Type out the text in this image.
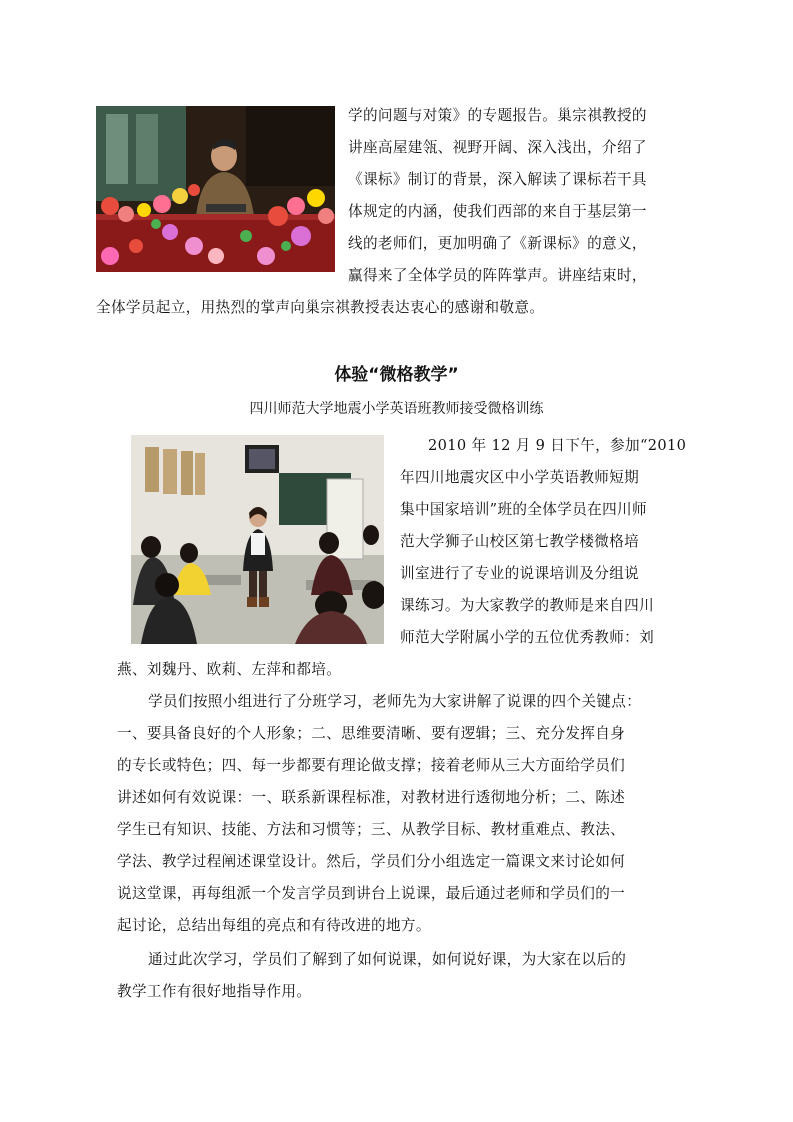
学的问题与对策》的专题报告。巢宗祺教授的
讲座高屋建瓴、视野开阔、深入浅出，介绍了
《课标》制订的背景，深入解读了课标若干具
体规定的内涵，使我们西部的来自于基层第一
线的老师们，更加明确了《新课标》的意义，
赢得来了全体学员的阵阵掌声。讲座结束时，
全体学员起立，用热烈的掌声向巢宗祺教授表达衷心的感谢和敬意。
体验“微格教学”
四川师范大学地震小学英语班教师接受微格训练
2010 年 12 月 9 日下午，参加“2010
年四川地震灾区中小学英语教师短期
集中国家培训”班的全体学员在四川师
范大学狮子山校区第七教学楼微格培
训室进行了专业的说课培训及分组说
课练习。为大家教学的教师是来自四川
师范大学附属小学的五位优秀教师：刘
燕、刘魏丹、欧莉、左萍和都培。
学员们按照小组进行了分班学习，老师先为大家讲解了说课的四个关键点：
一、要具备良好的个人形象；二、思维要清晰、要有逻辑；三、充分发挥自身
的专长或特色；四、每一步都要有理论做支撑；接着老师从三大方面给学员们
讲述如何有效说课：一、联系新课程标准，对教材进行透彻地分析；二、陈述
学生已有知识、技能、方法和习惯等；三、从教学目标、教材重难点、教法、
学法、教学过程阐述课堂设计。然后，学员们分小组选定一篇课文来讨论如何
说这堂课，再每组派一个发言学员到讲台上说课，最后通过老师和学员们的一
起讨论，总结出每组的亮点和有待改进的地方。
通过此次学习，学员们了解到了如何说课，如何说好课，为大家在以后的
教学工作有很好地指导作用。
